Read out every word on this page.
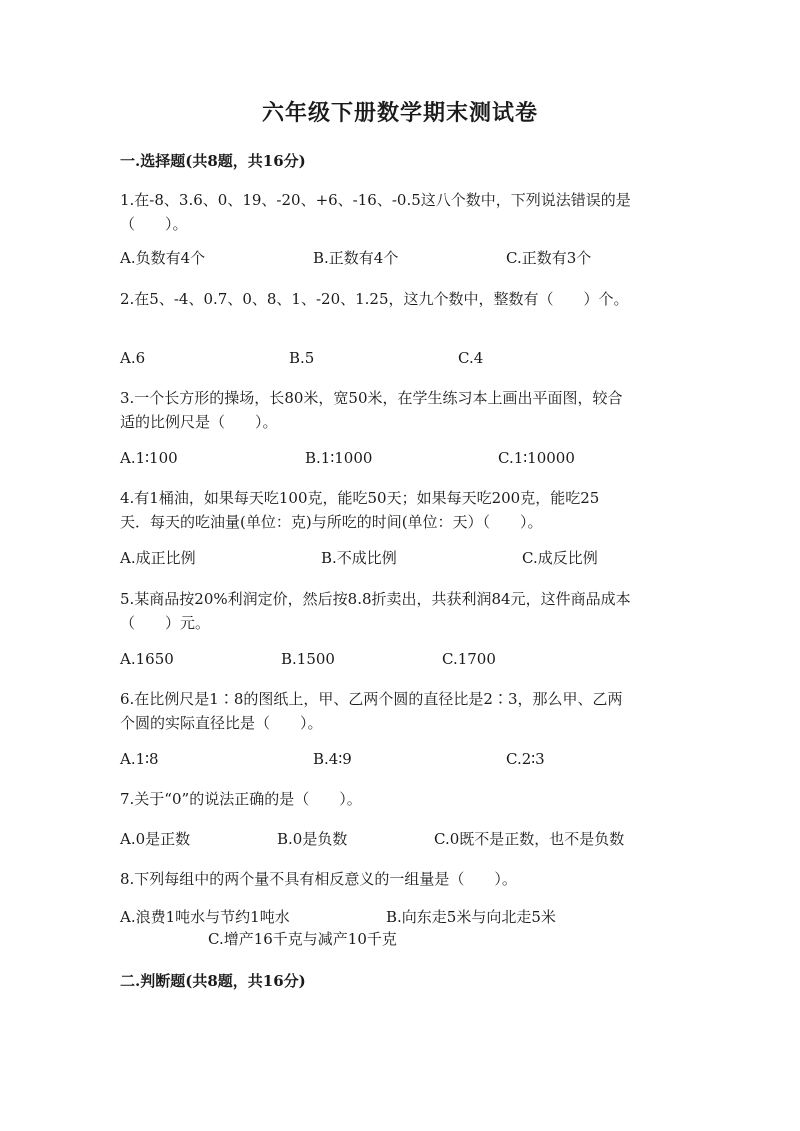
六年级下册数学期末测试卷
一.选择题(共8题，共16分)
1.在-8、3.6、0、19、-20、+6、-16、-0.5这八个数中，下列说法错误的是
（　　）。
A.负数有4个	B.正数有4个	C.正数有3个
2.在5、-4、0.7、0、8、1、-20、1.25，这九个数中，整数有（　　）个。
A.6	B.5	C.4
3.一个长方形的操场，长80米，宽50米，在学生练习本上画出平面图，较合
适的比例尺是（　　）。
A.1∶100	B.1∶1000	C.1∶10000
4.有1桶油，如果每天吃100克，能吃50天；如果每天吃200克，能吃25
天．每天的吃油量(单位：克)与所吃的时间(单位：天）（　　）。
A.成正比例	B.不成比例	C.成反比例
5.某商品按20%利润定价，然后按8.8折卖出，共获利润84元，这件商品成本
（　　）元。
A.1650	B.1500	C.1700
6.在比例尺是1∶8的图纸上，甲、乙两个圆的直径比是2∶3，那么甲、乙两
个圆的实际直径比是（　　）。
A.1∶8	B.4∶9	C.2∶3
7.关于“0”的说法正确的是（　　）。
A.0是正数	B.0是负数	C.0既不是正数，也不是负数
8.下列每组中的两个量不具有相反意义的一组量是（　　）。
A.浪费1吨水与节约1吨水	B.向东走5米与向北走5米
C.增产16千克与减产10千克
二.判断题(共8题，共16分)
